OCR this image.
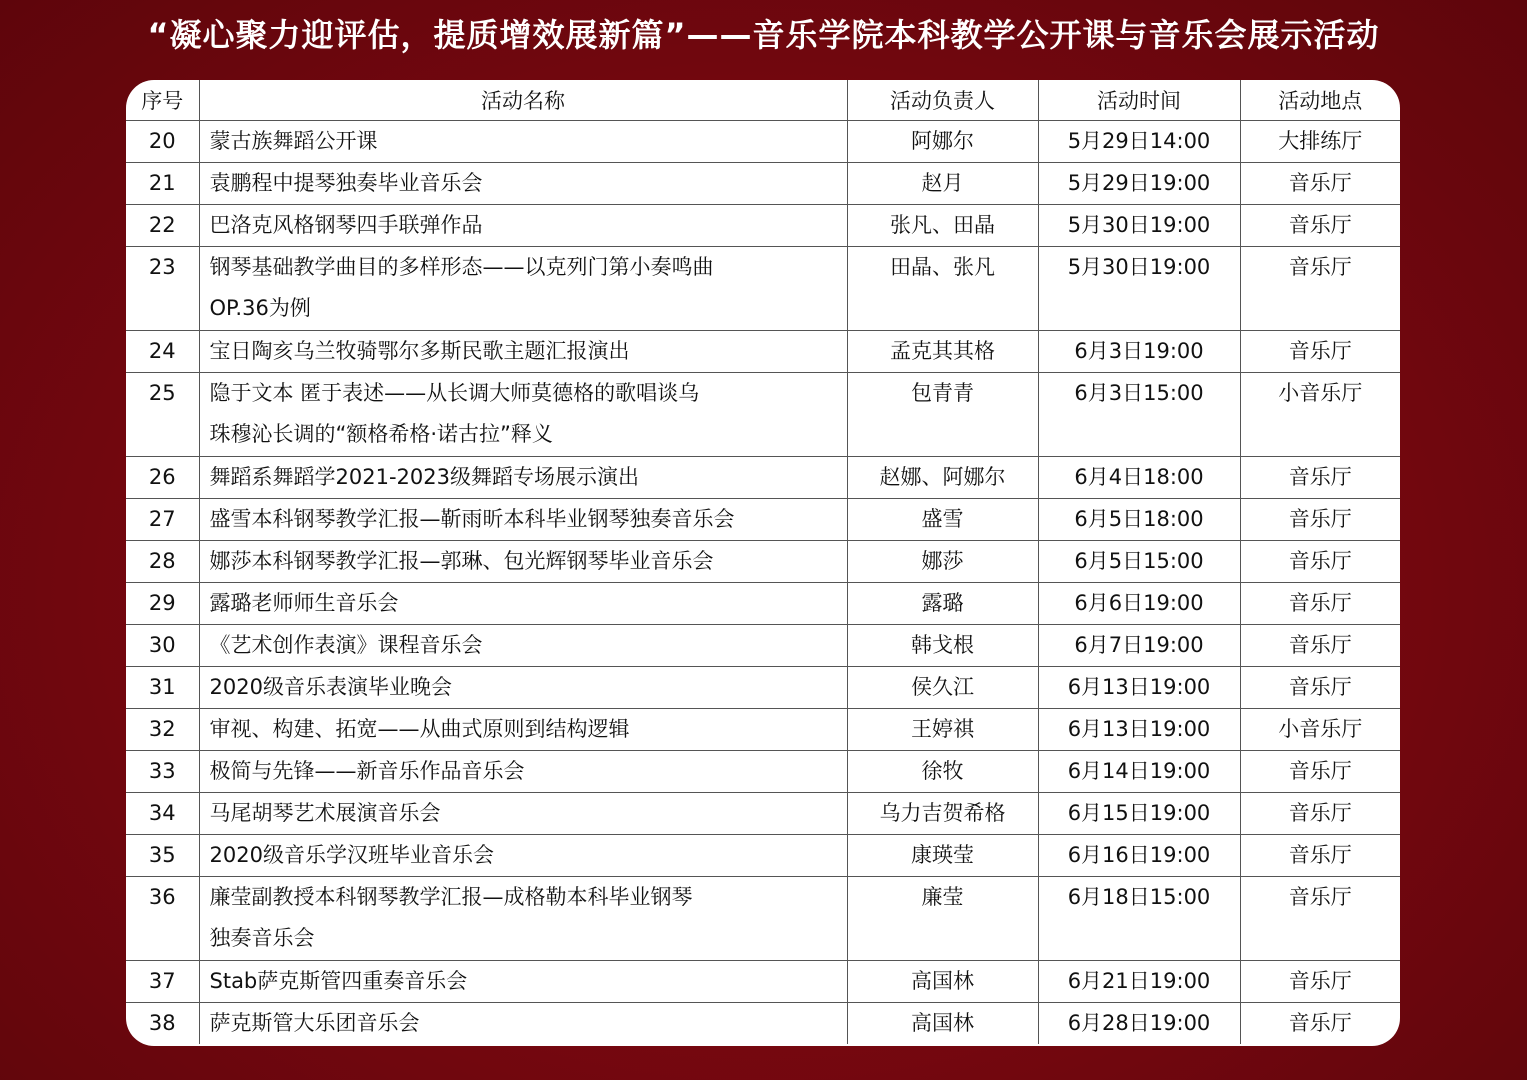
“凝心聚力迎评估，提质增效展新篇”——音乐学院本科教学公开课与音乐会展示活动
序号	活动名称	活动负责人	活动时间	活动地点
20	蒙古族舞蹈公开课	阿娜尔	5月29日14:00	大排练厅
21	袁鹏程中提琴独奏毕业音乐会	赵月	5月29日19:00	音乐厅
22	巴洛克风格钢琴四手联弹作品	张凡、田晶	5月30日19:00	音乐厅
23	钢琴基础教学曲目的多样形态——以克列门第小奏鸣曲
OP.36为例	田晶、张凡	5月30日19:00	音乐厅
24	宝日陶亥乌兰牧骑鄂尔多斯民歌主题汇报演出	孟克其其格	6月3日19:00	音乐厅
25	隐于文本 匿于表述——从长调大师莫德格的歌唱谈乌
珠穆沁长调的“额格希格·诺古拉”释义	包青青	6月3日15:00	小音乐厅
26	舞蹈系舞蹈学2021-2023级舞蹈专场展示演出	赵娜、阿娜尔	6月4日18:00	音乐厅
27	盛雪本科钢琴教学汇报—靳雨昕本科毕业钢琴独奏音乐会	盛雪	6月5日18:00	音乐厅
28	娜莎本科钢琴教学汇报—郭琳、包光辉钢琴毕业音乐会	娜莎	6月5日15:00	音乐厅
29	露璐老师师生音乐会	露璐	6月6日19:00	音乐厅
30	《艺术创作表演》课程音乐会	韩戈根	6月7日19:00	音乐厅
31	2020级音乐表演毕业晚会	侯久江	6月13日19:00	音乐厅
32	审视、构建、拓宽——从曲式原则到结构逻辑	王婷祺	6月13日19:00	小音乐厅
33	极简与先锋——新音乐作品音乐会	徐牧	6月14日19:00	音乐厅
34	马尾胡琴艺术展演音乐会	乌力吉贺希格	6月15日19:00	音乐厅
35	2020级音乐学汉班毕业音乐会	康瑛莹	6月16日19:00	音乐厅
36	廉莹副教授本科钢琴教学汇报—成格勒本科毕业钢琴
独奏音乐会	廉莹	6月18日15:00	音乐厅
37	Stab萨克斯管四重奏音乐会	高国林	6月21日19:00	音乐厅
38	萨克斯管大乐团音乐会	高国林	6月28日19:00	音乐厅
